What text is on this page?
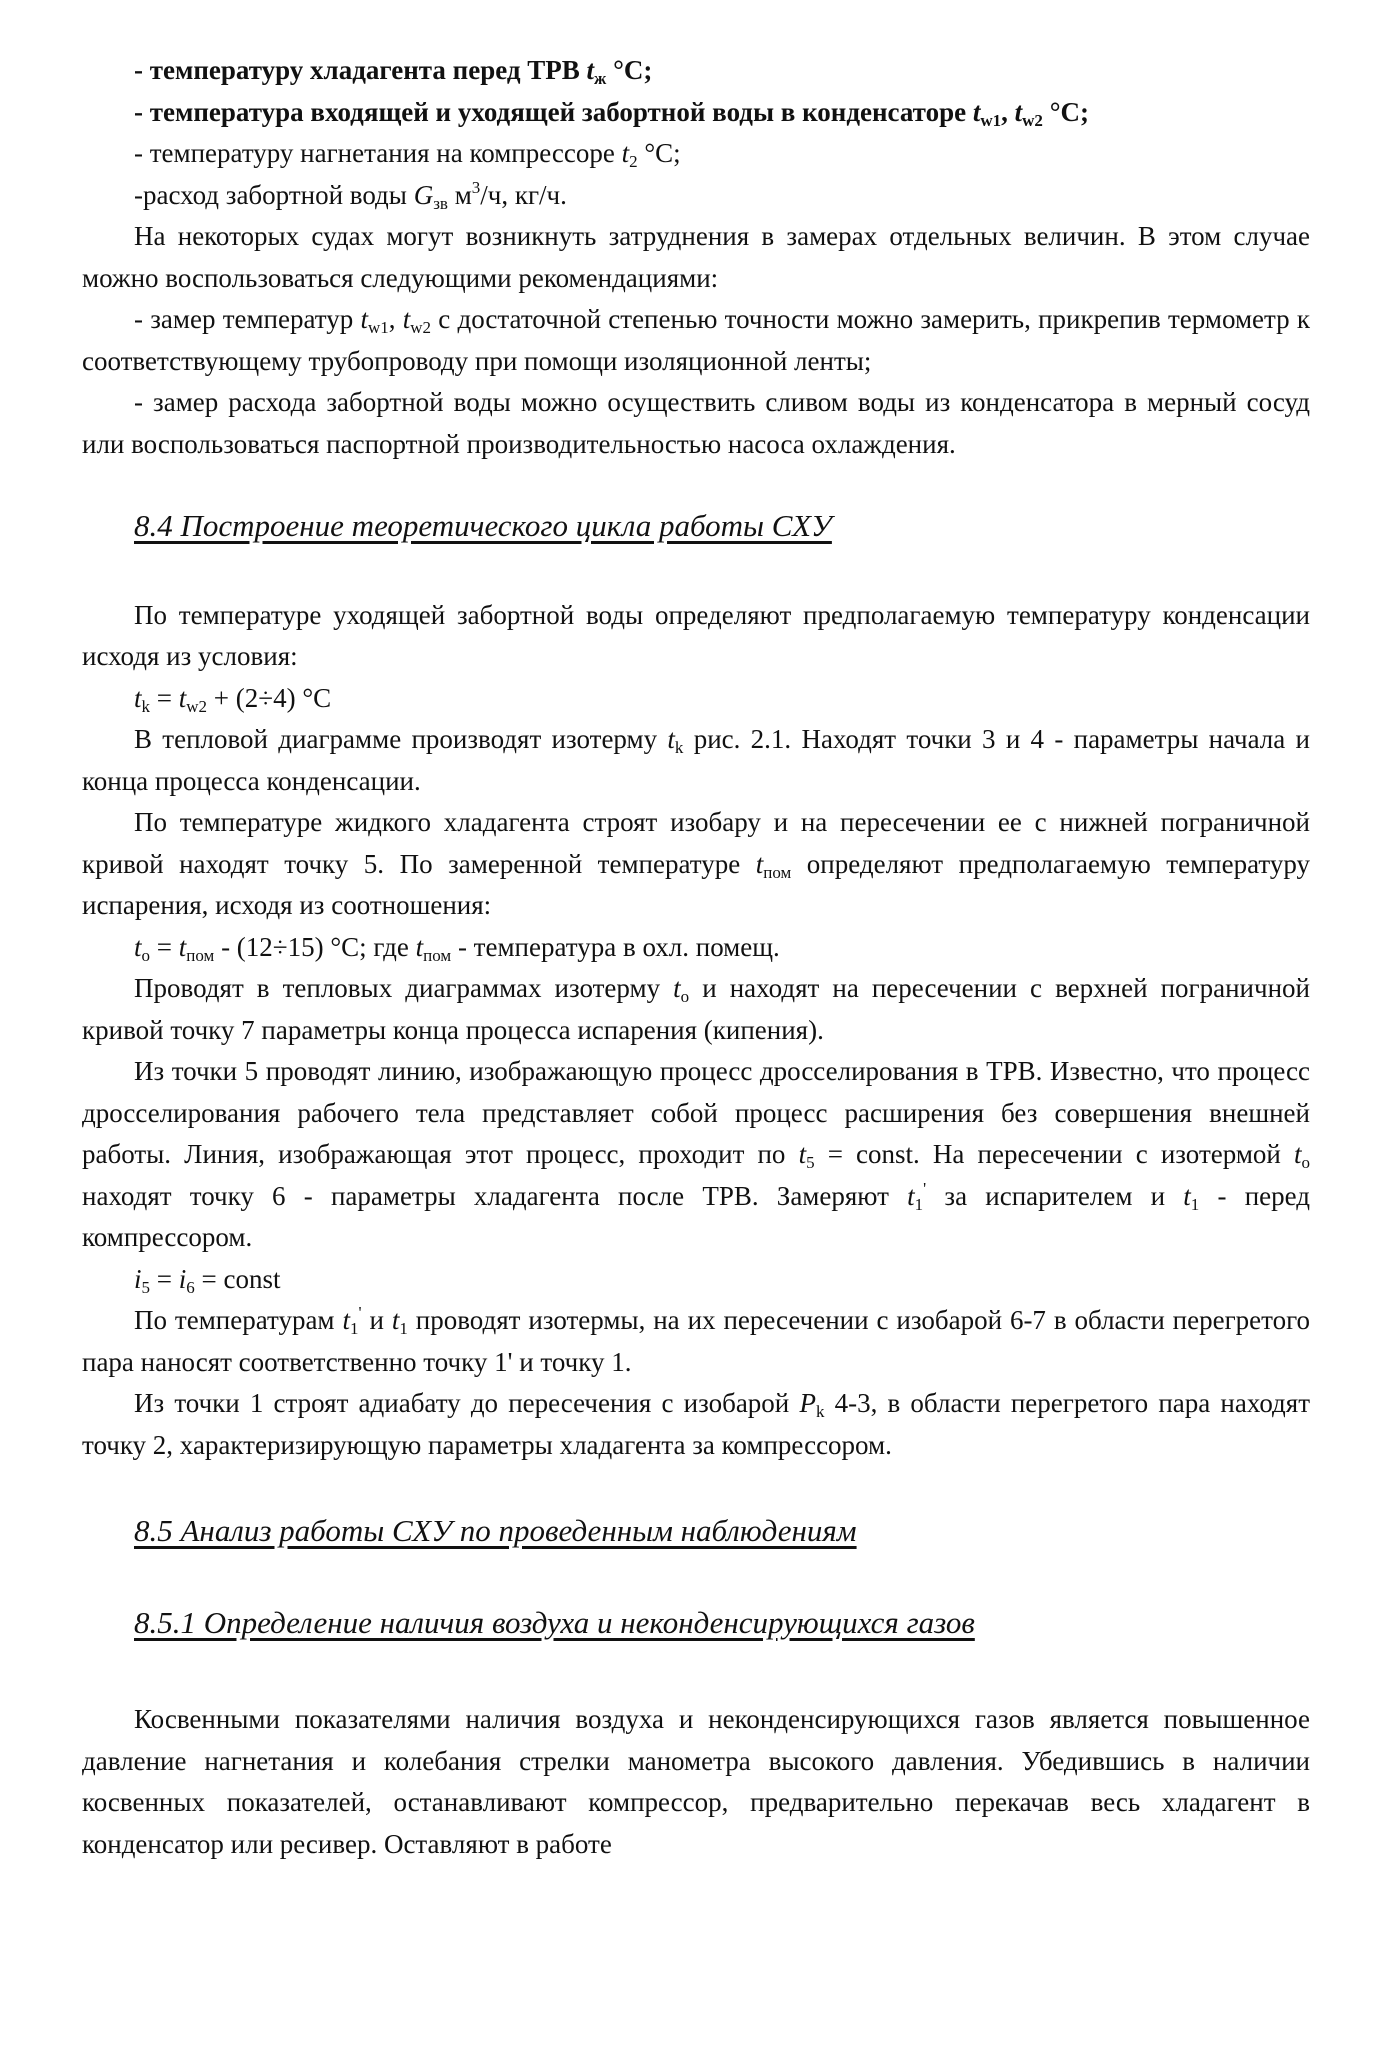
- температуру хладагента перед ТРВ $t_ж$ °С;

- температура входящей и уходящей забортной воды в конденсаторе $t_{w1}$, $t_{w2}$ °С;

- температуру нагнетания на компрессоре $t_2$ °С;

-расход забортной воды $G_{зв}$ $м^3/ч$, кг/ч.

На некоторых судах могут возникнуть затруднения в замерах отдельных величин. В этом случае можно воспользоваться следующими рекомендациями:

- замер температур $t_{w1}$, $t_{w2}$ с достаточной степенью точности можно замерить, прикрепив термометр к соответствующему трубопроводу при помощи изоляционной ленты;

- замер расхода забортной воды можно осуществить сливом воды из конденсатора в мерный сосуд или воспользоваться паспортной производительностью насоса охлаждения.

8.4 Построение теоретического цикла работы СХУ

По температуре уходящей забортной воды определяют предполагаемую температуру конденсации исходя из условия:

$t_k = t_{w2} + (2\div 4)$ °С

В тепловой диаграмме производят изотерму $t_k$ рис. 2.1. Находят точки 3 и 4 - параметры начала и конца процесса конденсации.

По температуре жидкого хладагента строят изобару и на пересечении ее с нижней пограничной кривой находят точку 5. По замеренной температуре $t_{пом}$ определяют предполагаемую температуру испарения, исходя из соотношения:

$t_o = t_{пом} - (12\div 15)$ °С; где $t_{пом}$ - температура в охл. помещ.

Проводят в тепловых диаграммах изотерму $t_o$ и находят на пересечении с верхней пограничной кривой точку 7 параметры конца процесса испарения (кипения).

Из точки 5 проводят линию, изображающую процесс дросселирования в ТРВ. Известно, что процесс дросселирования рабочего тела представляет собой процесс расширения без совершения внешней работы. Линия, изображающая этот процесс, проходит по $t_5$ = const. На пересечении с изотермой $t_o$ находят точку 6 - параметры хладагента после ТРВ. Замеряют $t_1'$ за испарителем и $t_1$ - перед компрессором.

$i_5 = i_6$ = const

По температурам $t_1'$ и $t_1$ проводят изотермы, на их пересечении с изобарой 6-7 в области перегретого пара наносят соответственно точку 1' и точку 1.

Из точки 1 строят адиабату до пересечения с изобарой $P_k$ 4-3, в области перегретого пара находят точку 2, характеризирующую параметры хладагента за компрессором.

8.5 Анализ работы СХУ по проведенным наблюдениям

8.5.1 Определение наличия воздуха и неконденсирующихся газов

Косвенными показателями наличия воздуха и неконденсирующихся газов является повышенное давление нагнетания и колебания стрелки манометра высокого давления. Убедившись в наличии косвенных показателей, останавливают компрессор, предварительно перекачав весь хладагент в конденсатор или ресивер. Оставляют в работе
